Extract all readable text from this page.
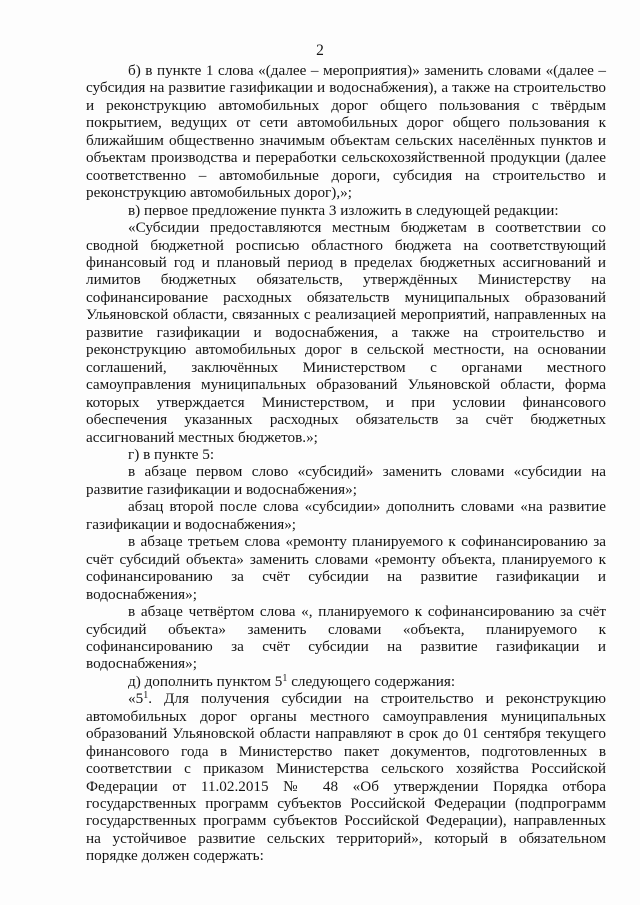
2

б) в пункте 1 слова «(далее – мероприятия)» заменить словами «(далее – субсидия на развитие газификации и водоснабжения), а также на строительство и реконструкцию автомобильных дорог общего пользования с твёрдым покрытием, ведущих от сети автомобильных дорог общего пользования к ближайшим общественно значимым объектам сельских населённых пунктов и объектам производства и переработки сельскохозяйственной продукции (далее соответственно – автомобильные дороги, субсидия на строительство и реконструкцию автомобильных дорог),»;

в) первое предложение пункта 3 изложить в следующей редакции:

«Субсидии предоставляются местным бюджетам в соответствии со сводной бюджетной росписью областного бюджета на соответствующий финансовый год и плановый период в пределах бюджетных ассигнований и лимитов бюджетных обязательств, утверждённых Министерству на софинансирование расходных обязательств муниципальных образований Ульяновской области, связанных с реализацией мероприятий, направленных на развитие газификации и водоснабжения, а также на строительство и реконструкцию автомобильных дорог в сельской местности, на основании соглашений, заключённых Министерством с органами местного самоуправления муниципальных образований Ульяновской области, форма которых утверждается Министерством, и при условии финансового обеспечения указанных расходных обязательств за счёт бюджетных ассигнований местных бюджетов.»;

г) в пункте 5:

в абзаце первом слово «субсидий» заменить словами «субсидии на развитие газификации и водоснабжения»;

абзац второй после слова «субсидии» дополнить словами «на развитие газификации и водоснабжения»;

в абзаце третьем слова «ремонту планируемого к софинансированию за счёт субсидий объекта» заменить словами «ремонту объекта, планируемого к софинансированию за счёт субсидии на развитие газификации и водоснабжения»;

в абзаце четвёртом слова «, планируемого к софинансированию за счёт субсидий объекта» заменить словами «объекта, планируемого к софинансированию за счёт субсидии на развитие газификации и водоснабжения»;

д) дополнить пунктом $5^1$ следующего содержания:

«$5^1$. Для получения субсидии на строительство и реконструкцию автомобильных дорог органы местного самоуправления муниципальных образований Ульяновской области направляют в срок до 01 сентября текущего финансового года в Министерство пакет документов, подготовленных в соответствии с приказом Министерства сельского хозяйства Российской Федерации от 11.02.2015 № 48 «Об утверждении Порядка отбора государственных программ субъектов Российской Федерации (подпрограмм государственных программ субъектов Российской Федерации), направленных на устойчивое развитие сельских территорий», который в обязательном порядке должен содержать:
